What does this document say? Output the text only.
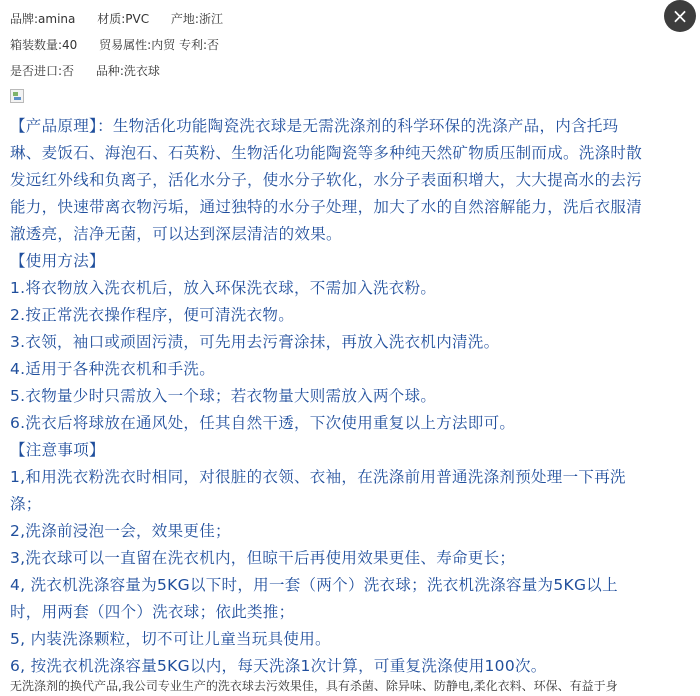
品牌:amina 材质:PVC 产地:浙江
箱装数量:40 贸易属性:内贸 专利:否
是否进口:否 品种:洗衣球
×

【产品原理】：生物活化功能陶瓷洗衣球是无需洗涤剂的科学环保的洗涤产品，内含托玛琳、麦饭石、海泡石、石英粉、生物活化功能陶瓷等多种纯天然矿物质压制而成。洗涤时散发远红外线和负离子，活化水分子，使水分子软化，水分子表面积增大，大大提高水的去污能力，快速带离衣物污垢，通过独特的水分子处理，加大了水的自然溶解能力，洗后衣服清澈透亮，洁净无菌，可以达到深层清洁的效果。

【使用方法】

1.将衣物放入洗衣机后，放入环保洗衣球，不需加入洗衣粉。

2.按正常洗衣操作程序，便可清洗衣物。

3.衣领，袖口或顽固污渍，可先用去污膏涂抹，再放入洗衣机内清洗。

4.适用于各种洗衣机和手洗。

5.衣物量少时只需放入一个球；若衣物量大则需放入两个球。

6.洗衣后将球放在通风处，任其自然干透，下次使用重复以上方法即可。

【注意事项】

1,和用洗衣粉洗衣时相同，对很脏的衣领、衣袖，在洗涤前用普通洗涤剂预处理一下再洗涤；

2,洗涤前浸泡一会，效果更佳；

3,洗衣球可以一直留在洗衣机内，但晾干后再使用效果更佳、寿命更长；

4, 洗衣机洗涤容量为5KG以下时，用一套（两个）洗衣球；洗衣机洗涤容量为5KG以上时，用两套（四个）洗衣球；依此类推；

5, 内装洗涤颗粒，切不可让儿童当玩具使用。

6, 按洗衣机洗涤容量5KG以内，每天洗涤1次计算，可重复洗涤使用100次。

无洗涤剂的换代产品,我公司专业生产的洗衣球去污效果佳，具有杀菌、除异味、防静电,柔化衣料、环保、有益于身
